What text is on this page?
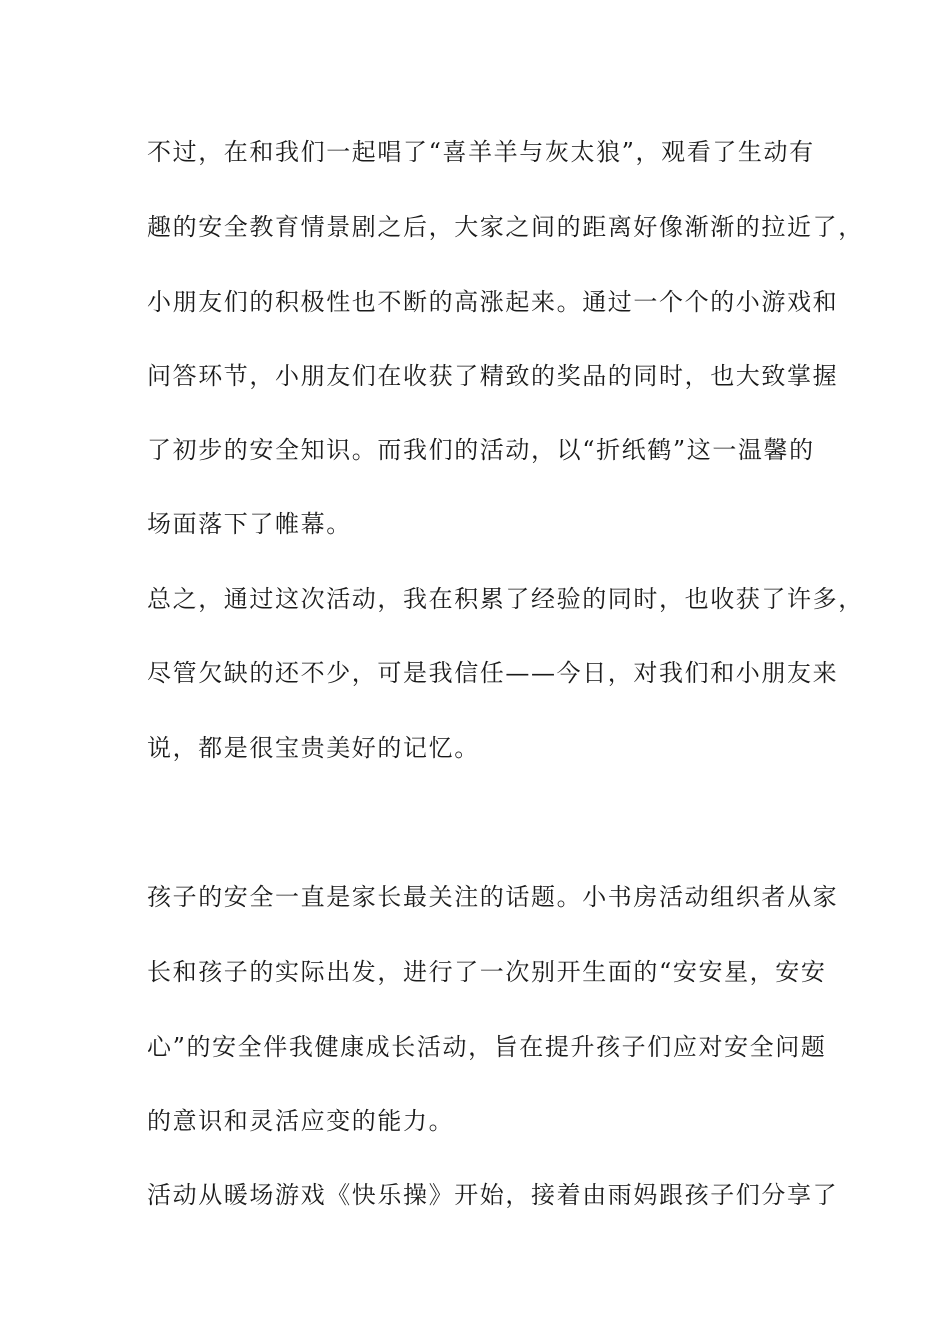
不过，在和我们一起唱了“喜羊羊与灰太狼”，观看了生动有
趣的安全教育情景剧之后，大家之间的距离好像渐渐的拉近了，
小朋友们的积极性也不断的高涨起来。通过一个个的小游戏和
问答环节，小朋友们在收获了精致的奖品的同时，也大致掌握
了初步的安全知识。而我们的活动，以“折纸鹤”这一温馨的
场面落下了帷幕。
总之，通过这次活动，我在积累了经验的同时，也收获了许多，
尽管欠缺的还不少，可是我信任——今日，对我们和小朋友来
说，都是很宝贵美好的记忆。
孩子的安全一直是家长最关注的话题。小书房活动组织者从家
长和孩子的实际出发，进行了一次别开生面的“安安星，安安
心”的安全伴我健康成长活动，旨在提升孩子们应对安全问题
的意识和灵活应变的能力。
活动从暖场游戏《快乐操》开始，接着由雨妈跟孩子们分享了
